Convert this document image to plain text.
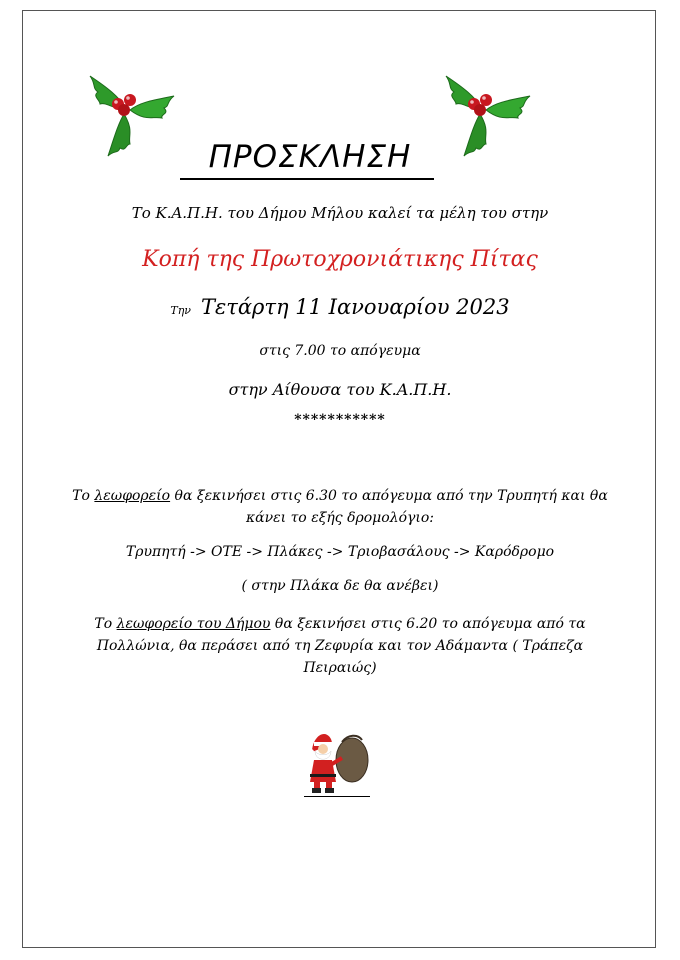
ΠΡΟΣΚΛΗΣΗ
Το Κ.Α.Π.Η. του Δήμου Μήλου καλεί τα μέλη του στην
Κοπή της Πρωτοχρονιάτικης Πίτας
Την Τετάρτη 11 Ιανουαρίου 2023
στις 7.00 το απόγευμα
στην Αίθουσα του Κ.Α.Π.Η.
***********
Το λεωφορείο θα ξεκινήσει στις 6.30 το απόγευμα από την Τρυπητή και θα
κάνει το εξής δρομολόγιο:
Τρυπητή -> ΟΤΕ -> Πλάκες -> Τριοβασάλους -> Καρόδρομο
( στην Πλάκα δε θα ανέβει)
Το λεωφορείο του Δήμου θα ξεκινήσει στις 6.20 το απόγευμα από τα
Πολλώνια, θα περάσει από τη Ζεφυρία και τον Αδάμαντα ( Τράπεζα
Πειραιώς)
